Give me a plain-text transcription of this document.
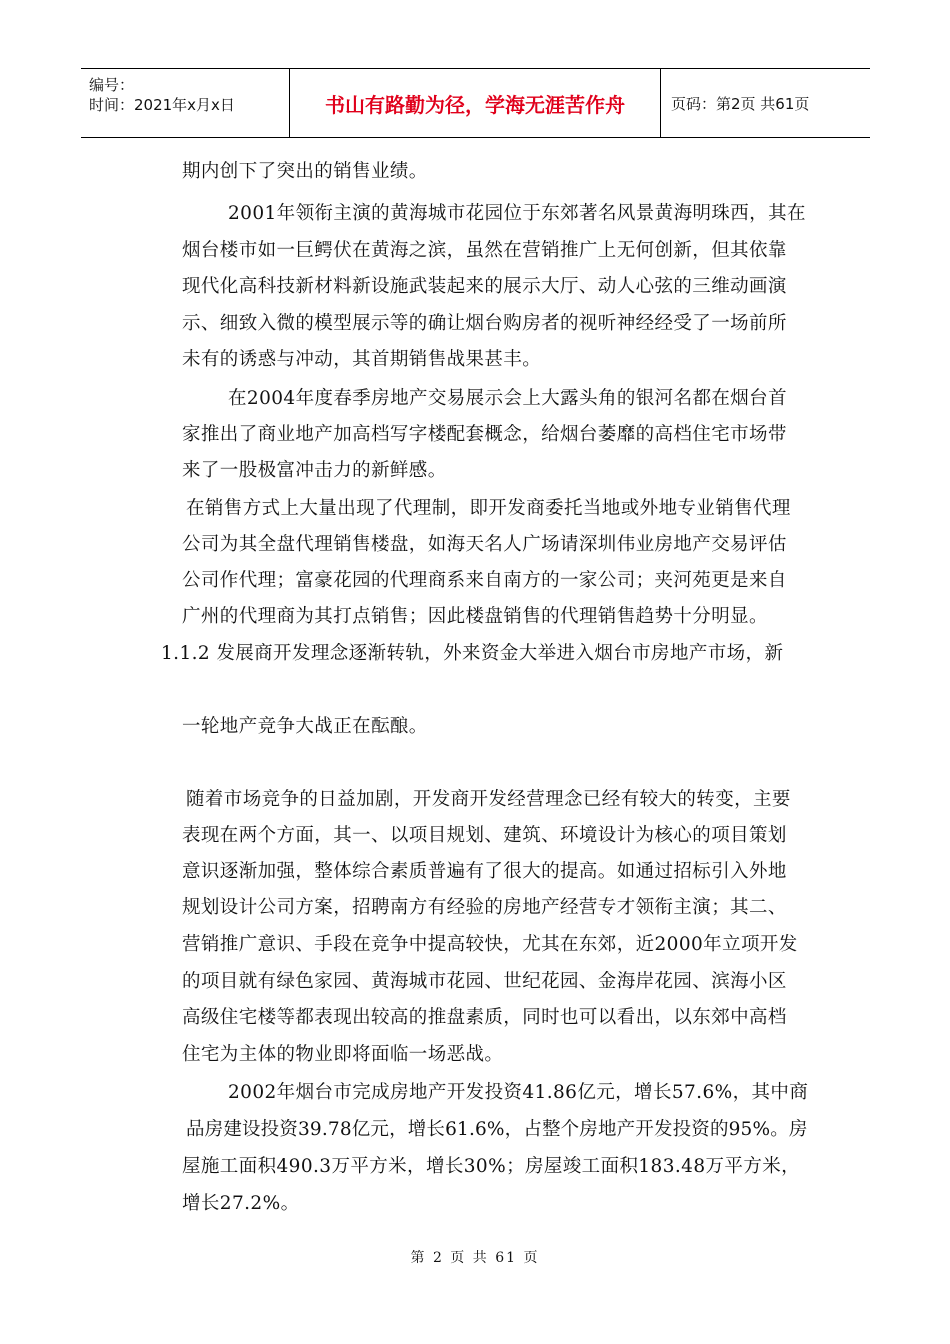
编号：
时间：2021年x月x日	书山有路勤为径，学海无涯苦作舟	页码：第2页 共61页
期内创下了突出的销售业绩。
2001年领衔主演的黄海城市花园位于东郊著名风景黄海明珠西，其在
烟台楼市如一巨鳄伏在黄海之滨，虽然在营销推广上无何创新，但其依靠
现代化高科技新材料新设施武装起来的展示大厅、动人心弦的三维动画演
示、细致入微的模型展示等的确让烟台购房者的视听神经经受了一场前所
未有的诱惑与冲动，其首期销售战果甚丰。
在2004年度春季房地产交易展示会上大露头角的银河名都在烟台首
家推出了商业地产加高档写字楼配套概念，给烟台萎靡的高档住宅市场带
来了一股极富冲击力的新鲜感。
在销售方式上大量出现了代理制，即开发商委托当地或外地专业销售代理
公司为其全盘代理销售楼盘，如海天名人广场请深圳伟业房地产交易评估
公司作代理；富豪花园的代理商系来自南方的一家公司；夹河苑更是来自
广州的代理商为其打点销售；因此楼盘销售的代理销售趋势十分明显。
1.1.2 发展商开发理念逐渐转轨，外来资金大举进入烟台市房地产市场，新
一轮地产竞争大战正在酝酿。
随着市场竞争的日益加剧，开发商开发经营理念已经有较大的转变，主要
表现在两个方面，其一、以项目规划、建筑、环境设计为核心的项目策划
意识逐渐加强，整体综合素质普遍有了很大的提高。如通过招标引入外地
规划设计公司方案，招聘南方有经验的房地产经营专才领衔主演；其二、
营销推广意识、手段在竞争中提高较快，尤其在东郊，近2000年立项开发
的项目就有绿色家园、黄海城市花园、世纪花园、金海岸花园、滨海小区
高级住宅楼等都表现出较高的推盘素质，同时也可以看出，以东郊中高档
住宅为主体的物业即将面临一场恶战。
2002年烟台市完成房地产开发投资41.86亿元，增长57.6%，其中商
品房建设投资39.78亿元，增长61.6%，占整个房地产开发投资的95%。房
屋施工面积490.3万平方米，增长30%；房屋竣工面积183.48万平方米，
增长27.2%。
第 2 页 共 61 页
